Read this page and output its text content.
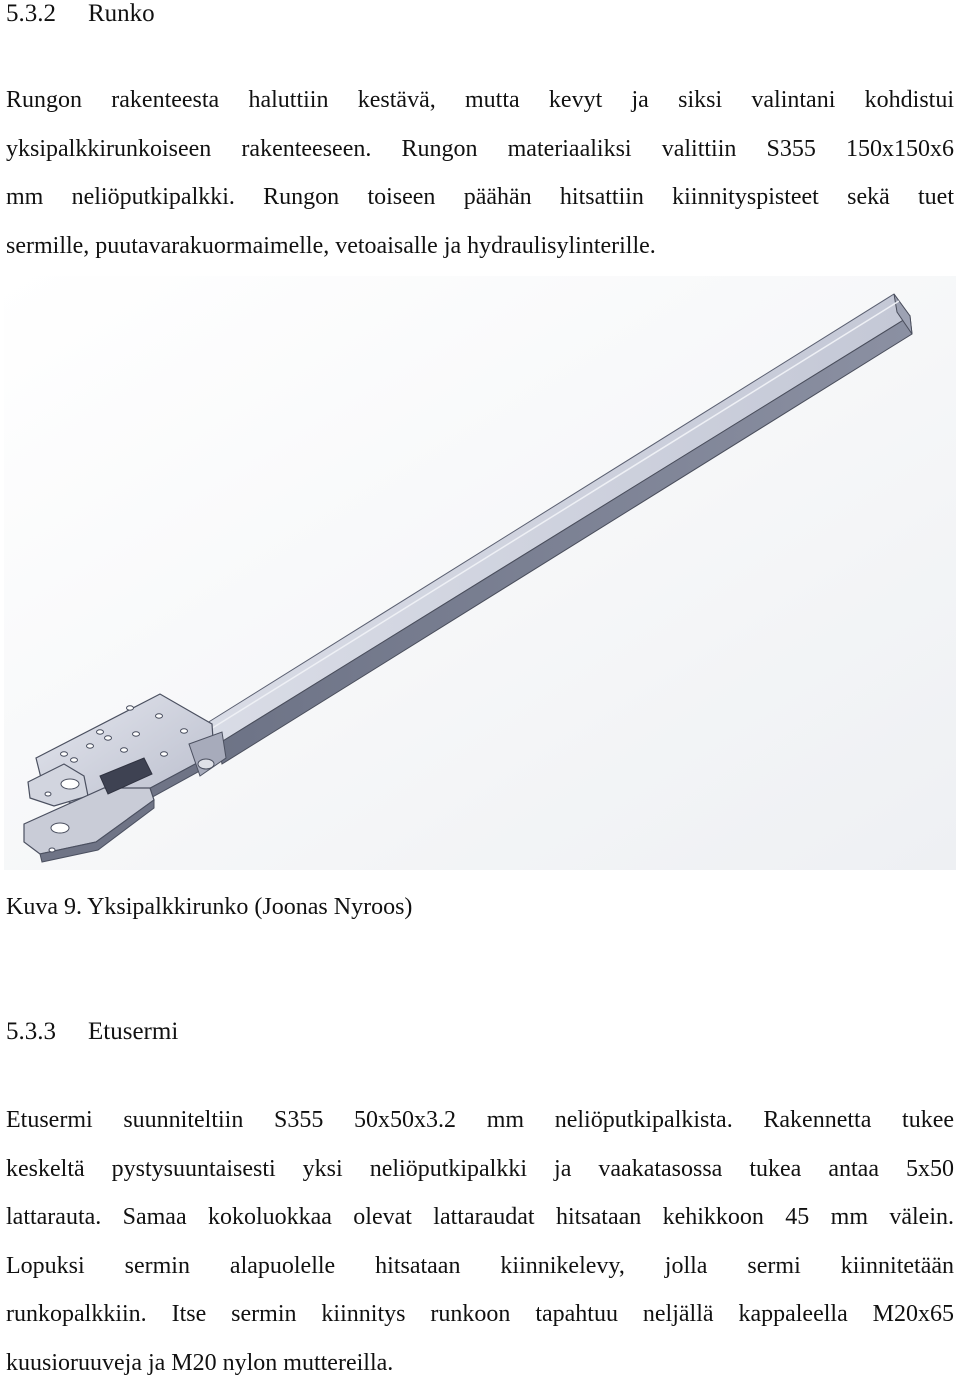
5.3.2 Runko

Rungon rakenteesta haluttiin kestävä, mutta kevyt ja siksi valintani kohdistui
yksipalkkirunkoiseen rakenteeseen. Rungon materiaaliksi valittiin S355 150x150x6
mm neliöputkipalkki. Rungon toiseen päähän hitsattiin kiinnityspisteet sekä tuet
sermille, puutavarakuormaimelle, vetoaisalle ja hydraulisylinterille.

Kuva 9. Yksipalkkirunko (Joonas Nyroos)

5.3.3 Etusermi

Etusermi suunniteltiin S355 50x50x3.2 mm neliöputkipalkista. Rakennetta tukee
keskeltä pystysuuntaisesti yksi neliöputkipalkki ja vaakatasossa tukea antaa 5x50
lattarauta. Samaa kokoluokkaa olevat lattaraudat hitsataan kehikkoon 45 mm välein.
Lopuksi sermin alapuolelle hitsataan kiinnikelevy, jolla sermi kiinnitetään
runkopalkkiin. Itse sermin kiinnitys runkoon tapahtuu neljällä kappaleella M20x65
kuusioruuveja ja M20 nylon muttereilla.
